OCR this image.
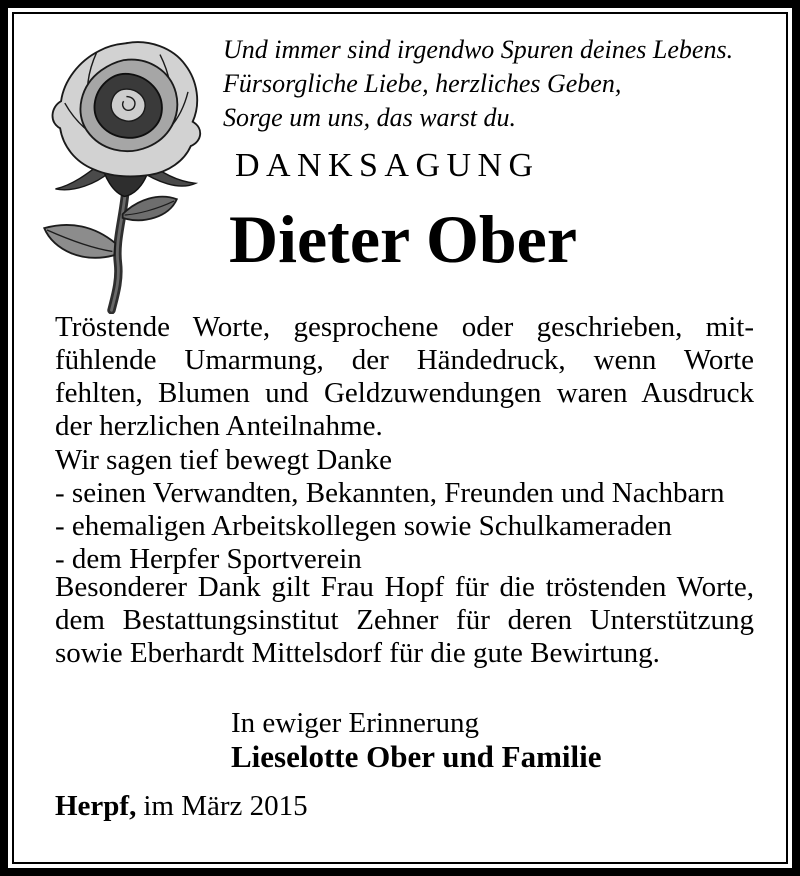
Und immer sind irgendwo Spuren deines Lebens.
Fürsorgliche Liebe, herzliches Geben,
Sorge um uns, das warst du.
DANKSAGUNG
Dieter Ober
Tröstende Worte, gesprochene oder geschrieben, mit-
fühlende Umarmung, der Händedruck, wenn Worte
fehlten, Blumen und Geldzuwendungen waren Ausdruck
der herzlichen Anteilnahme.
Wir sagen tief bewegt Danke
- seinen Verwandten, Bekannten, Freunden und Nachbarn
- ehemaligen Arbeitskollegen sowie Schulkameraden
- dem Herpfer Sportverein
Besonderer Dank gilt Frau Hopf für die tröstenden Worte,
dem Bestattungsinstitut Zehner für deren Unterstützung
sowie Eberhardt Mittelsdorf für die gute Bewirtung.
In ewiger Erinnerung
Lieselotte Ober und Familie
Herpf, im März 2015
